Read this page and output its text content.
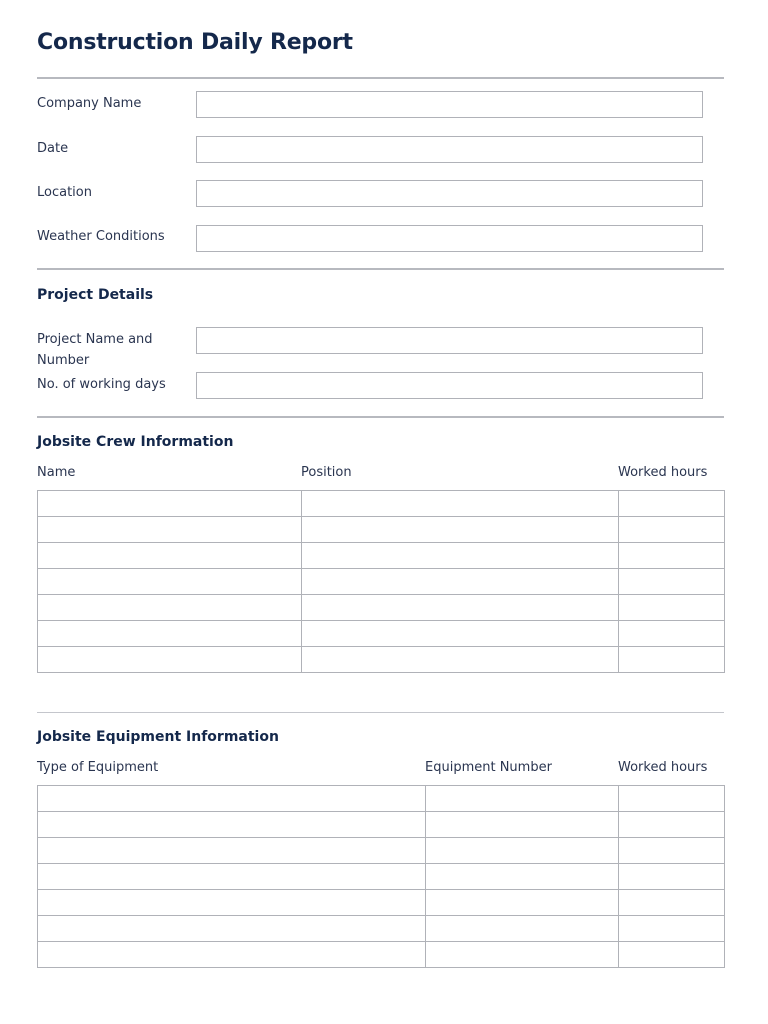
Construction Daily Report
Company Name
Date
Location
Weather Conditions
Project Details
Project Name and Number
No. of working days
Jobsite Crew Information
Name	Position	Worked hours

Jobsite Equipment Information
Type of Equipment	Equipment Number	Worked hours
